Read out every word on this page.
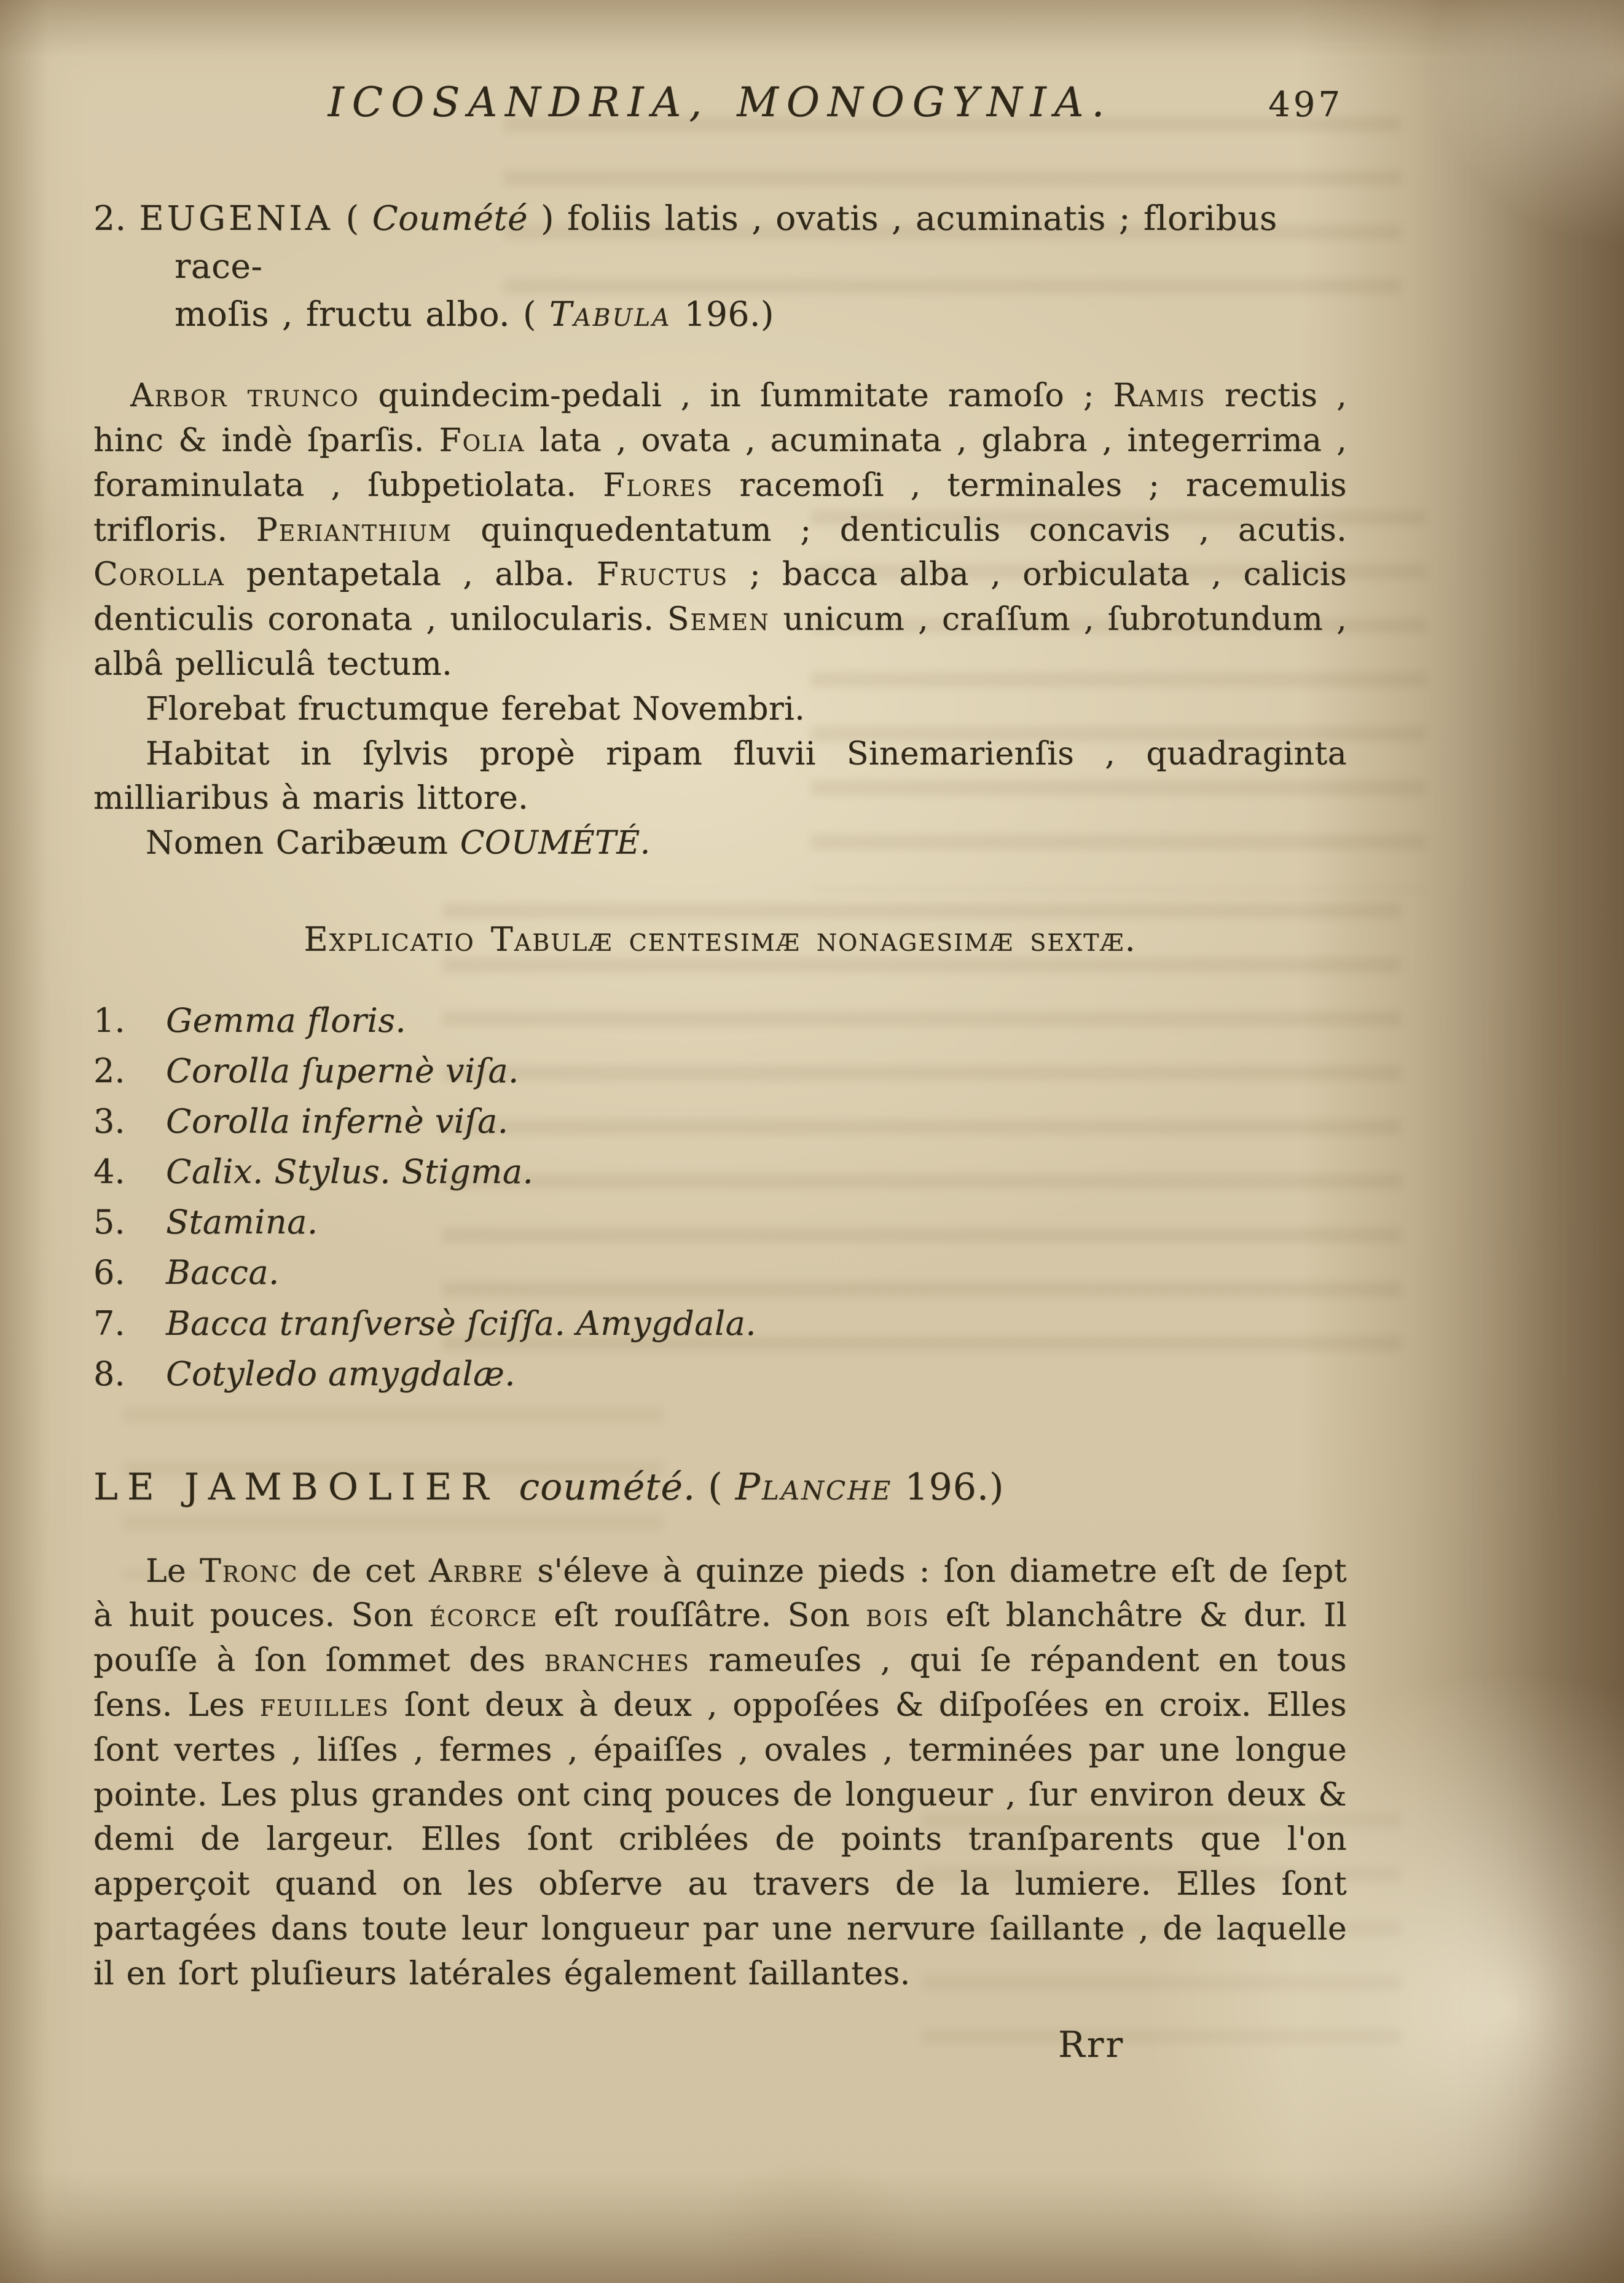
ICOSANDRIA, MONOGYNIA.	497

2. EUGENIA ( Coumété ) foliis latis , ovatis , acuminatis ; floribus race-
moſis , fructu albo. ( Tabula 196.)

Arbor trunco quindecim-pedali , in ſummitate ramoſo ; Ramis rectis , hinc & indè ſparſis. Folia lata , ovata , acuminata , glabra , integerrima , foraminulata , ſubpetiolata. Flores racemoſi , terminales ; racemulis trifloris. Perianthium quinquedentatum ; denticulis concavis , acutis. Corolla pentapetala , alba. Fructus ; bacca alba , orbiculata , calicis denticulis coronata , unilocularis. Semen unicum , craſſum , ſubrotundum , albâ pelliculâ tectum.

Florebat fructumque ferebat Novembri.

Habitat in ſylvis propè ripam fluvii Sinemarienſis , quadraginta milliaribus à maris littore.

Nomen Caribæum COUMÉTÉ.

Explicatio Tabulæ centesimæ nonagesimæ sextæ.
1.	Gemma floris.
2.	Corolla ſupernè viſa.
3.	Corolla infernè viſa.
4.	Calix. Stylus. Stigma.
5.	Stamina.
6.	Bacca.
7.	Bacca tranſversè ſciſſa. Amygdala.
8.	Cotyledo amygdalæ.
LE JAMBOLIER coumété. ( Planche 196.)

Le Tronc de cet Arbre s'éleve à quinze pieds : ſon diametre eſt de ſept à huit pouces. Son écorce eſt rouſſâtre. Son bois eſt blanchâtre & dur. Il pouſſe à ſon ſommet des branches rameuſes , qui ſe répandent en tous ſens. Les feuilles ſont deux à deux , oppoſées & diſpoſées en croix. Elles ſont vertes , liſſes , fermes , épaiſſes , ovales , terminées par une longue pointe. Les plus grandes ont cinq pouces de longueur , ſur environ deux & demi de largeur. Elles ſont criblées de points tranſparents que l'on apperçoit quand on les obſerve au travers de la lumiere. Elles ſont partagées dans toute leur longueur par une nervure ſaillante , de laquelle il en ſort pluſieurs latérales également ſaillantes.

Rrr
